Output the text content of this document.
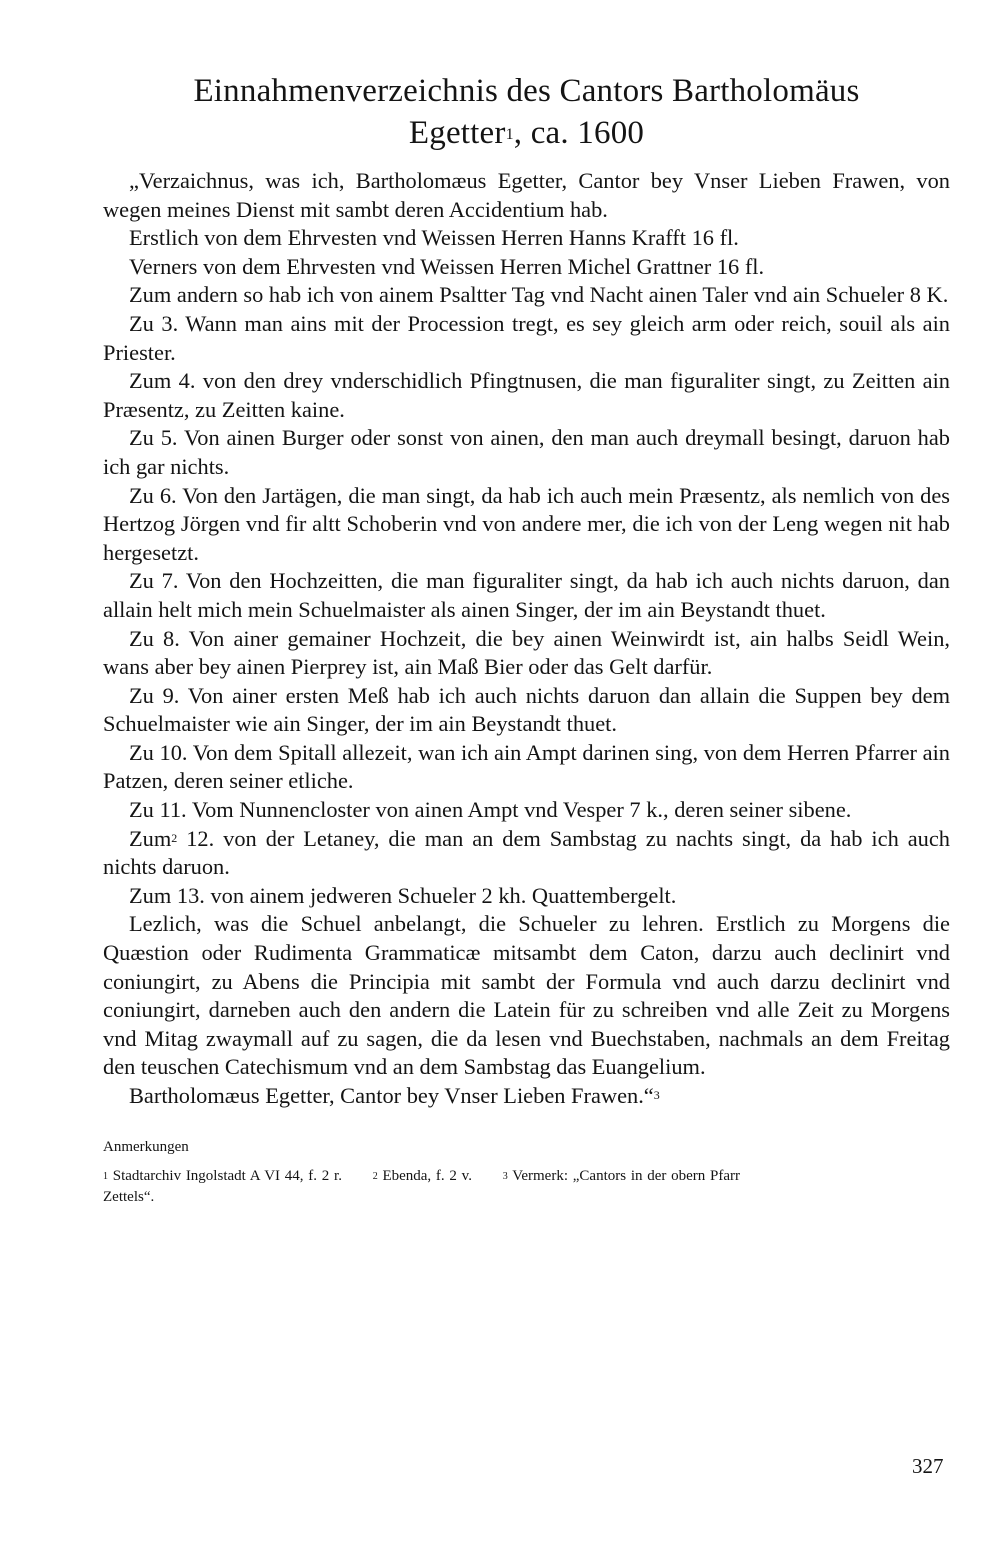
Einnahmenverzeichnis des Cantors Bartholomäus
Egetter$^1$, ca. 1600

„Verzaichnus, was ich, Bartholomæus Egetter, Cantor bey Vnser Lieben Frawen, von wegen meines Dienst mit sambt deren Accidentium hab.

Erstlich von dem Ehrvesten vnd Weissen Herren Hanns Krafft 16 fl.

Verners von dem Ehrvesten vnd Weissen Herren Michel Grattner 16 fl.

Zum andern so hab ich von ainem Psaltter Tag vnd Nacht ainen Taler vnd ain Schueler 8 K.

Zu 3. Wann man ains mit der Procession tregt, es sey gleich arm oder reich, souil als ain Priester.

Zum 4. von den drey vnderschidlich Pfingtnusen, die man figuraliter singt, zu Zeitten ain Præsentz, zu Zeitten kaine.

Zu 5. Von ainen Burger oder sonst von ainen, den man auch dreymall besingt, daruon hab ich gar nichts.

Zu 6. Von den Jartägen, die man singt, da hab ich auch mein Præsentz, als nemlich von des Hertzog Jörgen vnd fir altt Schoberin vnd von andere mer, die ich von der Leng wegen nit hab hergesetzt.

Zu 7. Von den Hochzeitten, die man figuraliter singt, da hab ich auch nichts daruon, dan allain helt mich mein Schuelmaister als ainen Singer, der im ain Beystandt thuet.

Zu 8. Von ainer gemainer Hochzeit, die bey ainen Weinwirdt ist, ain halbs Seidl Wein, wans aber bey ainen Pierprey ist, ain Maß Bier oder das Gelt darfür.

Zu 9. Von ainer ersten Meß hab ich auch nichts daruon dan allain die Suppen bey dem Schuelmaister wie ain Singer, der im ain Beystandt thuet.

Zu 10. Von dem Spitall allezeit, wan ich ain Ampt darinen sing, von dem Herren Pfarrer ain Patzen, deren seiner etliche.

Zu 11. Vom Nunnencloster von ainen Ampt vnd Vesper 7 k., deren seiner sibene.

Zum$^2$ 12. von der Letaney, die man an dem Sambstag zu nachts singt, da hab ich auch nichts daruon.

Zum 13. von ainem jedweren Schueler 2 kh. Quattembergelt.

Lezlich, was die Schuel anbelangt, die Schueler zu lehren. Erstlich zu Morgens die Quæstion oder Rudimenta Grammaticæ mitsambt dem Caton, darzu auch declinirt vnd coniungirt, zu Abens die Principia mit sambt der Formula vnd auch darzu declinirt vnd coniungirt, darneben auch den andern die Latein für zu schreiben vnd alle Zeit zu Morgens vnd Mitag zwaymall auf zu sagen, die da lesen vnd Buechstaben, nachmals an dem Freitag den teuschen Catechismum vnd an dem Sambstag das Euangelium.

Bartholomæus Egetter, Cantor bey Vnser Lieben Frawen.“$^3$

Anmerkungen

$^1$ Stadtarchiv Ingolstadt A VI 44, f. 2 r.	$^2$ Ebenda, f. 2 v.	$^3$ Vermerk: „Cantors in der obern Pfarr

Zettels“.

327
